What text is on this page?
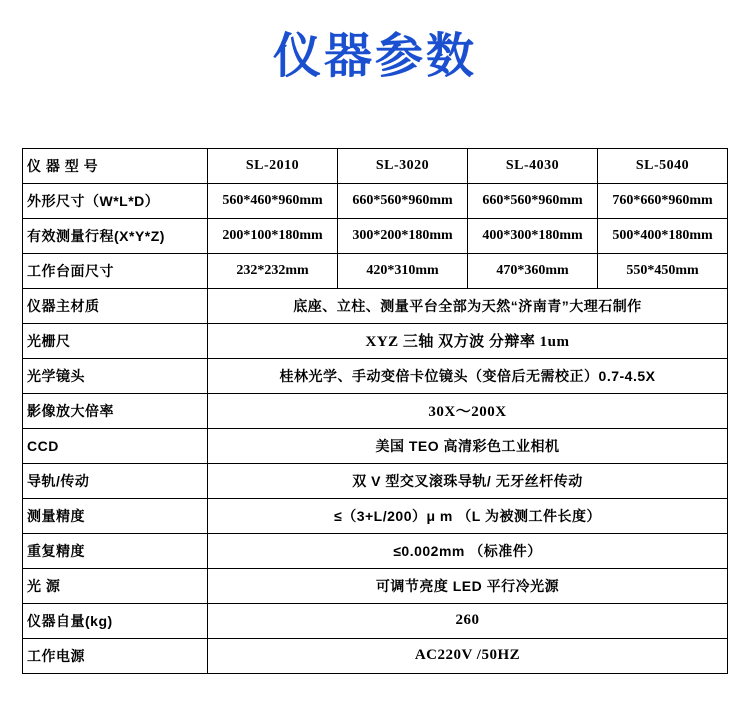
仪器参数
仪 器 型 号	SL-2010	SL-3020	SL-4030	SL-5040
外形尺寸（W*L*D）	560*460*960mm	660*560*960mm	660*560*960mm	760*660*960mm
有效测量行程(X*Y*Z)	200*100*180mm	300*200*180mm	400*300*180mm	500*400*180mm
工作台面尺寸	232*232mm	420*310mm	470*360mm	550*450mm
仪器主材质	底座、立柱、测量平台全部为天然“济南青”大理石制作			
光栅尺	XYZ 三轴 双方波 分辩率 1um			
光学镜头	桂林光学、手动变倍卡位镜头（变倍后无需校正）0.7-4.5X			
影像放大倍率	30X～200X			
CCD	美国 TEO 高清彩色工业相机			
导轨/传动	双 V 型交叉滚珠导轨/ 无牙丝杆传动			
测量精度	≤（3+L/200）μ m （L 为被测工件长度）			
重复精度	≤0.002mm （标准件）			
光 源	可调节亮度 LED 平行冷光源			
仪器自量(kg)	260			
工作电源	AC220V /50HZ			
